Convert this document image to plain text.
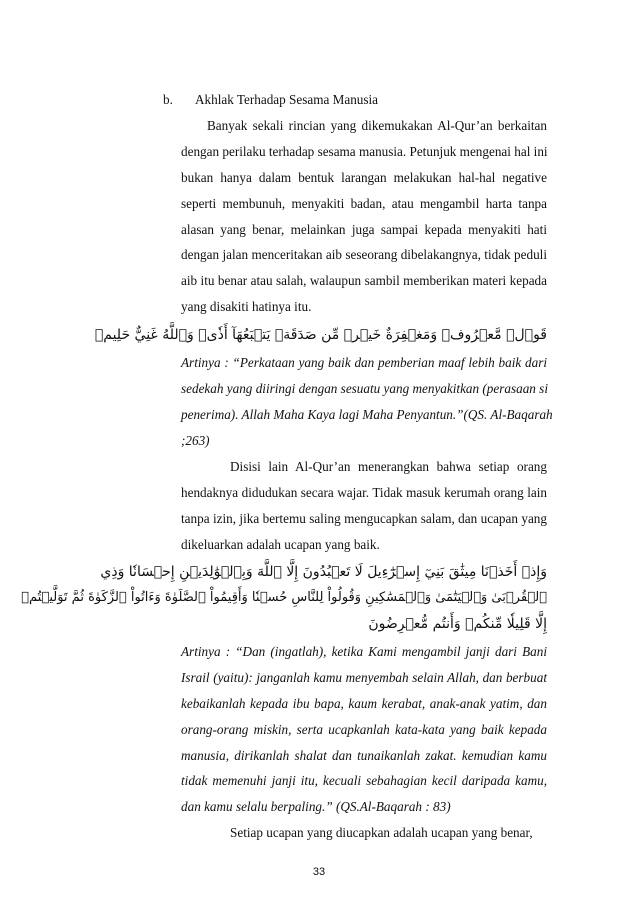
b. Akhlak Terhadap Sesama Manusia
Banyak sekali rincian yang dikemukakan Al-Qur’an berkaitan
dengan perilaku terhadap sesama manusia. Petunjuk mengenai hal ini
bukan hanya dalam bentuk larangan melakukan hal-hal negative
seperti membunuh, menyakiti badan, atau mengambil harta tanpa
alasan yang benar, melainkan juga sampai kepada menyakiti hati
dengan jalan menceritakan aib seseorang dibelakangnya, tidak peduli
aib itu benar atau salah, walaupun sambil memberikan materi kepada
yang disakiti hatinya itu.
قَوۡلٞ مَّعۡرُوفٞ وَمَغۡفِرَةٌ خَيۡرٞ مِّن صَدَقَةٖ يَتۡبَعُهَآ أَذٗىۗ وَٱللَّهُ غَنِيٌّ حَلِيمٞ
Artinya : “Perkataan yang baik dan pemberian maaf lebih baik dari
sedekah yang diiringi dengan sesuatu yang menyakitkan (perasaan si
penerima). Allah Maha Kaya lagi Maha Penyantun.”(QS. Al-Baqarah
;263)
Disisi lain Al-Qur’an menerangkan bahwa setiap orang
hendaknya didudukan secara wajar. Tidak masuk kerumah orang lain
tanpa izin, jika bertemu saling mengucapkan salam, dan ucapan yang
dikeluarkan adalah ucapan yang baik.
وَإِذۡ أَخَذۡنَا مِيثَٰقَ بَنِيٓ إِسۡرَٰٓءِيلَ لَا تَعۡبُدُونَ إِلَّا ٱللَّهَ وَبِٱلۡوَٰلِدَيۡنِ إِحۡسَانٗا وَذِي
ٱلۡقُرۡبَىٰ وَٱلۡيَتَٰمَىٰ وَٱلۡمَسَٰكِينِ وَقُولُواْ لِلنَّاسِ حُسۡنٗا وَأَقِيمُواْ ٱلصَّلَوٰةَ وَءَاتُواْ ٱلزَّكَوٰةَ ثُمَّ تَوَلَّيۡتُمۡ
إِلَّا قَلِيلٗا مِّنكُمۡ وَأَنتُم مُّعۡرِضُونَ
Artinya : “Dan (ingatlah), ketika Kami mengambil janji dari Bani
Israil (yaitu): janganlah kamu menyembah selain Allah, dan berbuat
kebaikanlah kepada ibu bapa, kaum kerabat, anak-anak yatim, dan
orang-orang miskin, serta ucapkanlah kata-kata yang baik kepada
manusia, dirikanlah shalat dan tunaikanlah zakat. kemudian kamu
tidak memenuhi janji itu, kecuali sebahagian kecil daripada kamu,
dan kamu selalu berpaling.” (QS.Al-Baqarah : 83)
Setiap ucapan yang diucapkan adalah ucapan yang benar,
33
